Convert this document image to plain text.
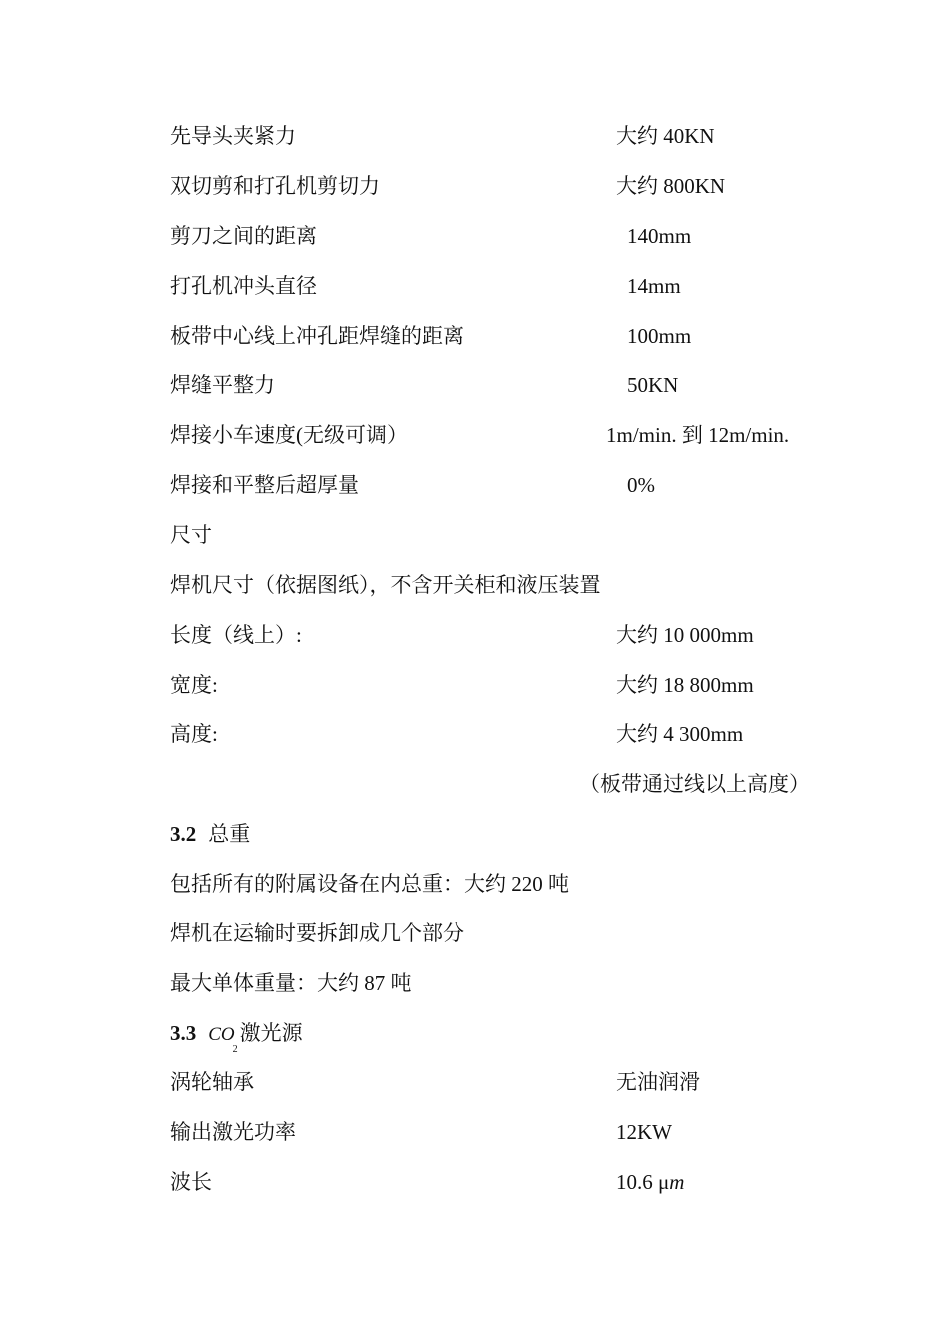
先导头夹紧力	大约 40KN
双切剪和打孔机剪切力	大约 800KN
剪刀之间的距离	140mm
打孔机冲头直径	14mm
板带中心线上冲孔距焊缝的距离	100mm
焊缝平整力	50KN
焊接小车速度(无级可调）	1m/min. 到 12m/min.
焊接和平整后超厚量	0%
尺寸
焊机尺寸（依据图纸），不含开关柜和液压装置
长度（线上）:	大约 10 000mm
宽度:	大约 18 800mm
高度:	大约 4 300mm
（板带通过线以上高度）
3.2 总重
包括所有的附属设备在内总重：大约 220 吨
焊机在运输时要拆卸成几个部分
最大单体重量：大约 87 吨
3.3 $CO_2$激光源
涡轮轴承	无油润滑
输出激光功率	12KW
波长	10.6 μm
